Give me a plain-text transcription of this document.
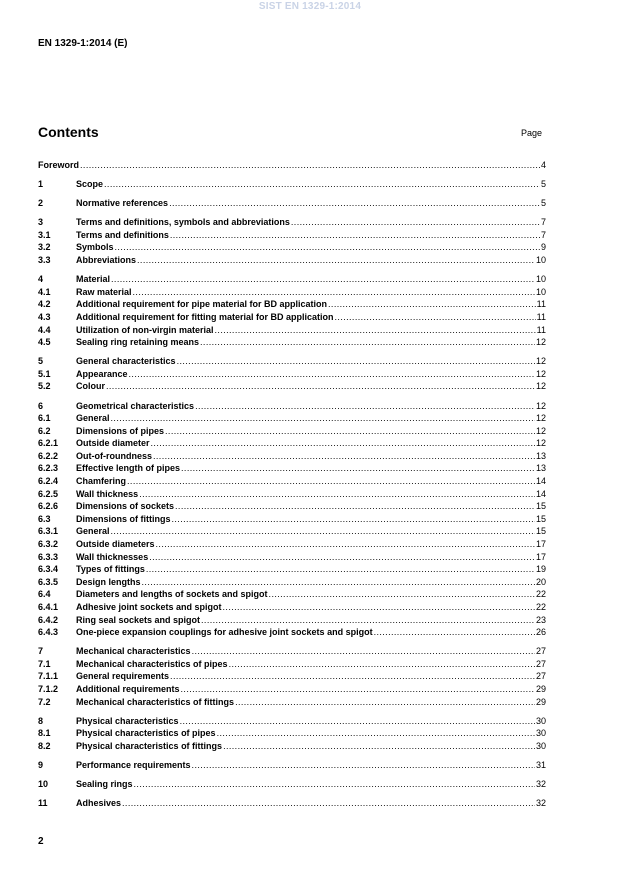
SIST EN 1329-1:2014
EN 1329-1:2014 (E)
Contents	Page
Foreword .....	4
1	Scope .....	5
2	Normative references .....	5
3	Terms and definitions, symbols and abbreviations .....	7
3.1	Terms and definitions .....	7
3.2	Symbols .....	9
3.3	Abbreviations .....	10
4	Material .....	10
4.1	Raw material .....	10
4.2	Additional requirement for pipe material for BD application .....	11
4.3	Additional requirement for fitting material for BD application .....	11
4.4	Utilization of non-virgin material .....	11
4.5	Sealing ring retaining means .....	12
5	General characteristics .....	12
5.1	Appearance .....	12
5.2	Colour .....	12
6	Geometrical characteristics .....	12
6.1	General .....	12
6.2	Dimensions of pipes .....	12
6.2.1	Outside diameter .....	12
6.2.2	Out-of-roundness .....	13
6.2.3	Effective length of pipes .....	13
6.2.4	Chamfering .....	14
6.2.5	Wall thickness .....	14
6.2.6	Dimensions of sockets .....	15
6.3	Dimensions of fittings .....	15
6.3.1	General .....	15
6.3.2	Outside diameters .....	17
6.3.3	Wall thicknesses .....	17
6.3.4	Types of fittings .....	19
6.3.5	Design lengths .....	20
6.4	Diameters and lengths of sockets and spigot .....	22
6.4.1	Adhesive joint sockets and spigot .....	22
6.4.2	Ring seal sockets and spigot .....	23
6.4.3	One-piece expansion couplings for adhesive joint sockets and spigot .....	26
7	Mechanical characteristics .....	27
7.1	Mechanical characteristics of pipes .....	27
7.1.1	General requirements .....	27
7.1.2	Additional requirements .....	29
7.2	Mechanical characteristics of fittings .....	29
8	Physical characteristics .....	30
8.1	Physical characteristics of pipes .....	30
8.2	Physical characteristics of fittings .....	30
9	Performance requirements .....	31
10	Sealing rings .....	32
11	Adhesives .....	32
2
